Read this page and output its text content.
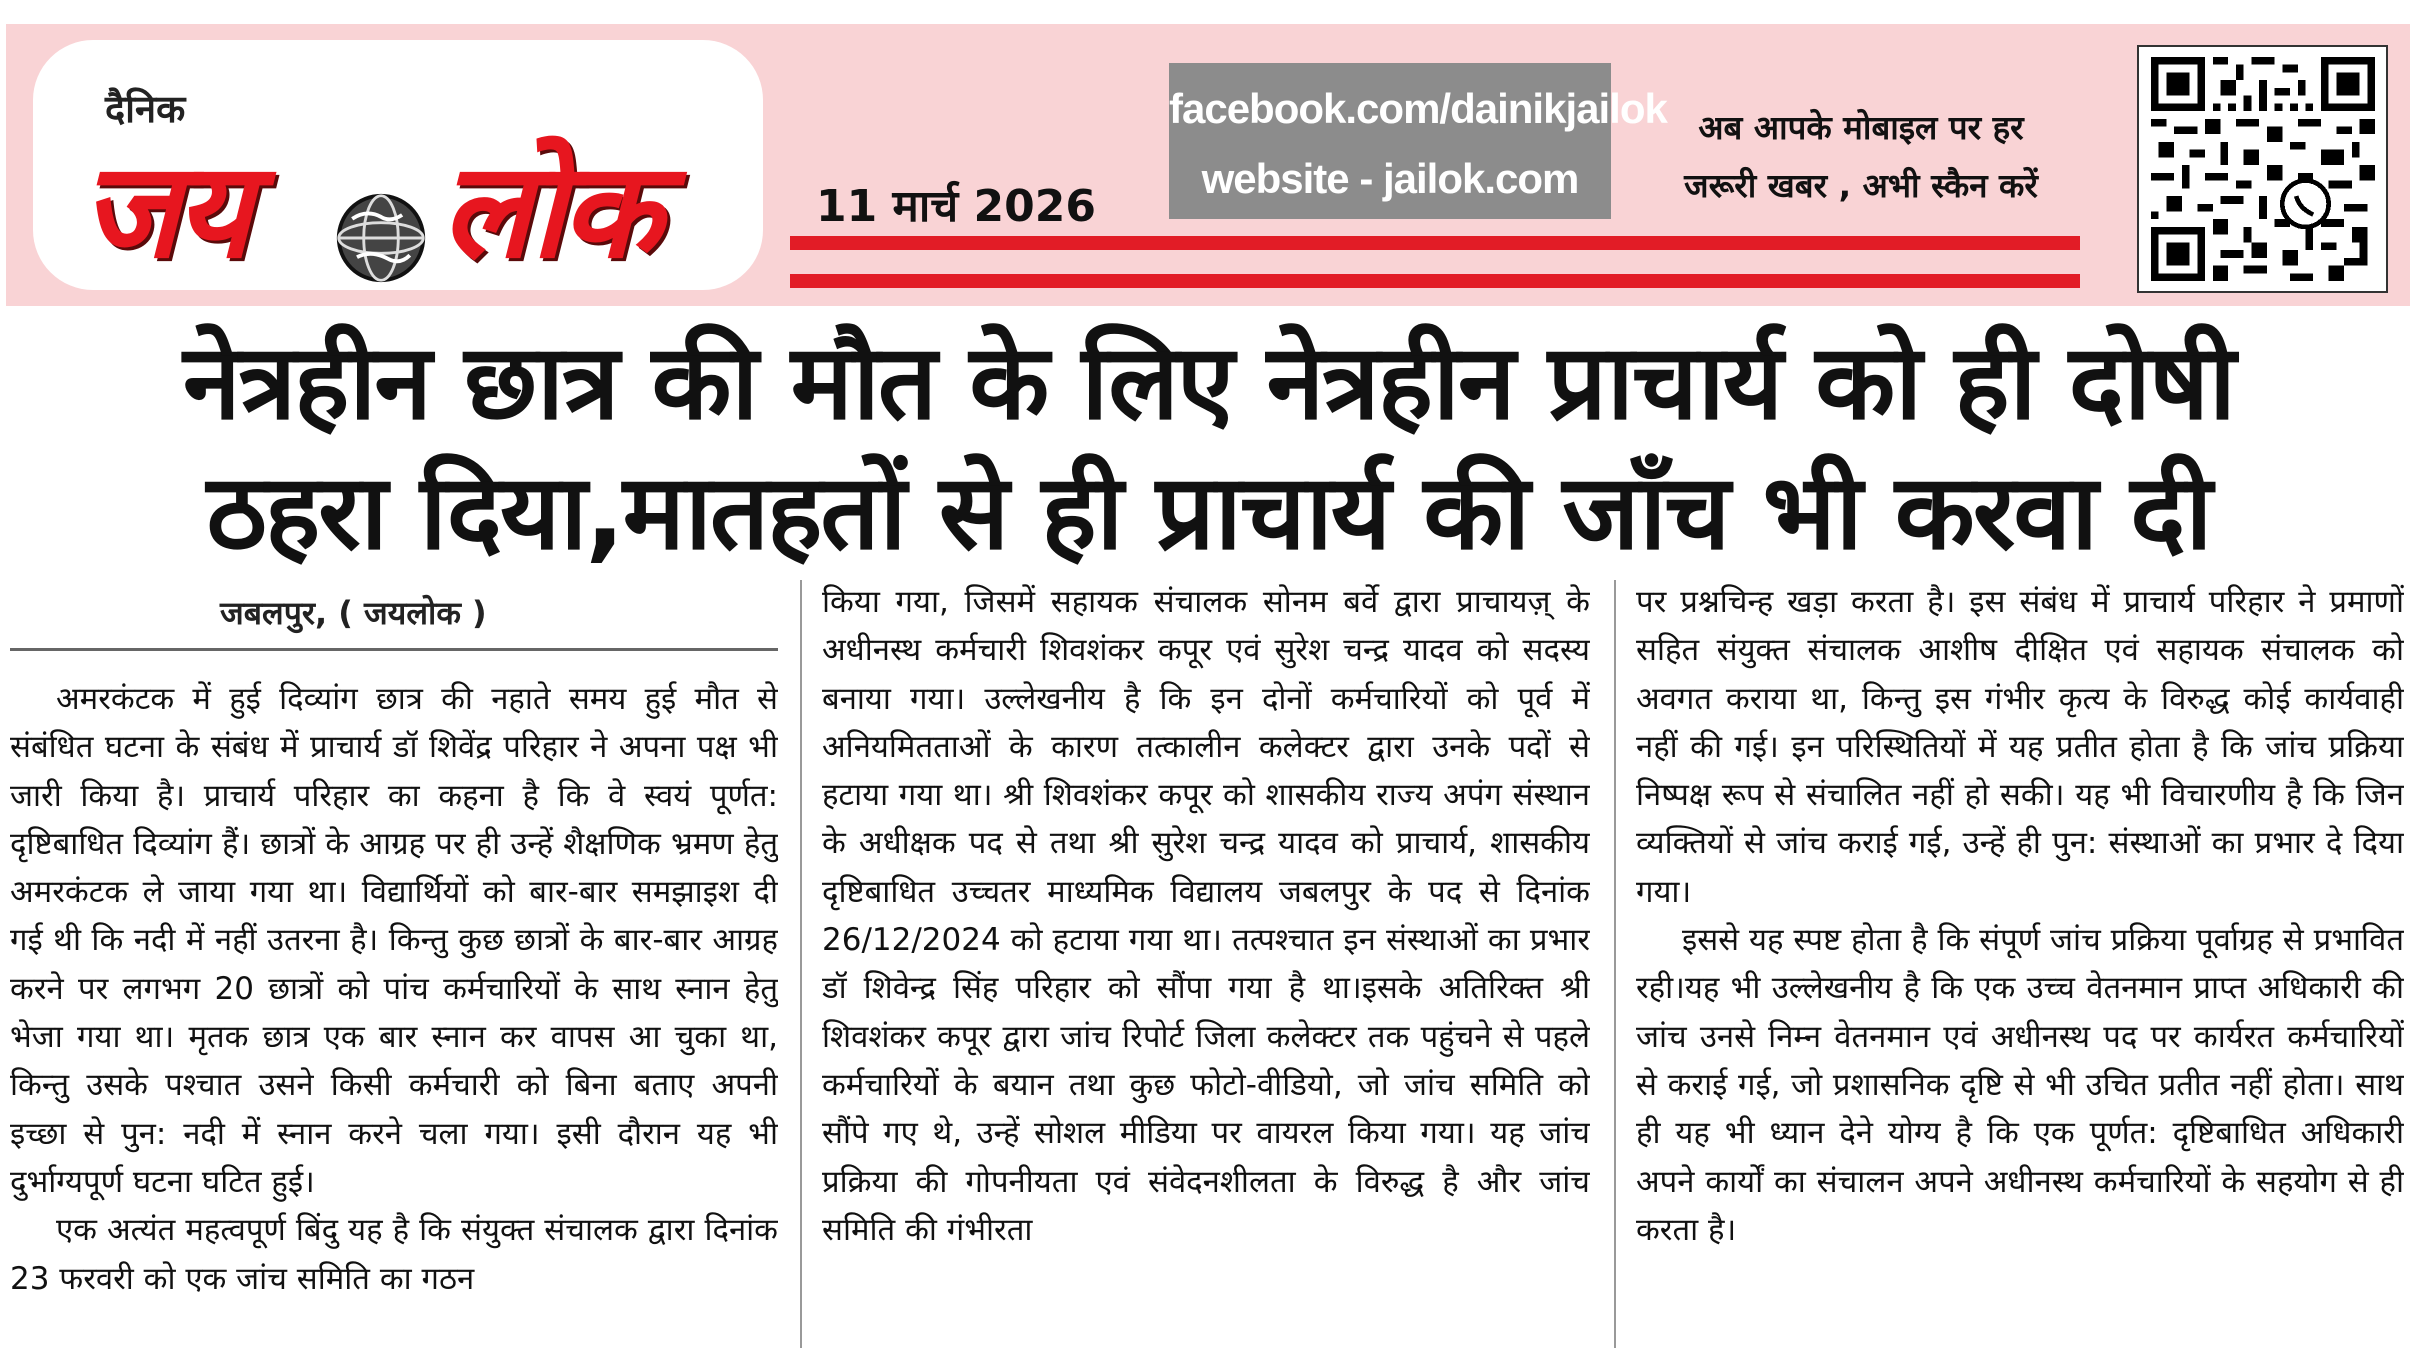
दैनिक
जय लोक	11 मार्च 2026
facebook.com/dainikjailok
website - jailok.com
अब आपके मोबाइल पर हर
जरूरी खबर , अभी स्कैन करें
नेत्रहीन छात्र की मौत के लिए नेत्रहीन प्राचार्य को ही दोषी
ठहरा दिया,मातहतों से ही प्राचार्य की जाँच भी करवा दी
जबलपुर, ( जयलोक )

अमरकंटक में हुई दिव्यांग छात्र की नहाते समय हुई मौत से संबंधित घटना के संबंध में प्राचार्य डॉ शिवेंद्र परिहार ने अपना पक्ष भी जारी किया है। प्राचार्य परिहार का कहना है कि वे स्वयं पूर्णत: दृष्टिबाधित दिव्यांग हैं। छात्रों के आग्रह पर ही उन्हें शैक्षणिक भ्रमण हेतु अमरकंटक ले जाया गया था। विद्यार्थियों को बार-बार समझाइश दी गई थी कि नदी में नहीं उतरना है। किन्तु कुछ छात्रों के बार-बार आग्रह करने पर लगभग 20 छात्रों को पांच कर्मचारियों के साथ स्नान हेतु भेजा गया था। मृतक छात्र एक बार स्नान कर वापस आ चुका था, किन्तु उसके पश्चात उसने किसी कर्मचारी को बिना बताए अपनी इच्छा से पुन: नदी में स्नान करने चला गया। इसी दौरान यह भी दुर्भाग्यपूर्ण घटना घटित हुई।

एक अत्यंत महत्वपूर्ण बिंदु यह है कि संयुक्त संचालक द्वारा दिनांक 23 फरवरी को एक जांच समिति का गठन

किया गया, जिसमें सहायक संचालक सोनम बर्वे द्वारा प्राचायज़् के अधीनस्थ कर्मचारी शिवशंकर कपूर एवं सुरेश चन्द्र यादव को सदस्य बनाया गया। उल्लेखनीय है कि इन दोनों कर्मचारियों को पूर्व में अनियमितताओं के कारण तत्कालीन कलेक्टर द्वारा उनके पदों से हटाया गया था। श्री शिवशंकर कपूर को शासकीय राज्य अपंग संस्थान के अधीक्षक पद से तथा श्री सुरेश चन्द्र यादव को प्राचार्य, शासकीय दृष्टिबाधित उच्चतर माध्यमिक विद्यालय जबलपुर के पद से दिनांक 26/12/2024 को हटाया गया था। तत्पश्चात इन संस्थाओं का प्रभार डॉ शिवेन्द्र सिंह परिहार को सौंपा गया है था।इसके अतिरिक्त श्री शिवशंकर कपूर द्वारा जांच रिपोर्ट जिला कलेक्टर तक पहुंचने से पहले कर्मचारियों के बयान तथा कुछ फोटो-वीडियो, जो जांच समिति को सौंपे गए थे, उन्हें सोशल मीडिया पर वायरल किया गया। यह जांच प्रक्रिया की गोपनीयता एवं संवेदनशीलता के विरुद्ध है और जांच समिति की गंभीरता

पर प्रश्नचिन्ह खड़ा करता है। इस संबंध में प्राचार्य परिहार ने प्रमाणों सहित संयुक्त संचालक आशीष दीक्षित एवं सहायक संचालक को अवगत कराया था, किन्तु इस गंभीर कृत्य के विरुद्ध कोई कार्यवाही नहीं की गई। इन परिस्थितियों में यह प्रतीत होता है कि जांच प्रक्रिया निष्पक्ष रूप से संचालित नहीं हो सकी। यह भी विचारणीय है कि जिन व्यक्तियों से जांच कराई गई, उन्हें ही पुन: संस्थाओं का प्रभार दे दिया गया।

इससे यह स्पष्ट होता है कि संपूर्ण जांच प्रक्रिया पूर्वाग्रह से प्रभावित रही।यह भी उल्लेखनीय है कि एक उच्च वेतनमान प्राप्त अधिकारी की जांच उनसे निम्न वेतनमान एवं अधीनस्थ पद पर कार्यरत कर्मचारियों से कराई गई, जो प्रशासनिक दृष्टि से भी उचित प्रतीत नहीं होता। साथ ही यह भी ध्यान देने योग्य है कि एक पूर्णत: दृष्टिबाधित अधिकारी अपने कार्यों का संचालन अपने अधीनस्थ कर्मचारियों के सहयोग से ही करता है।
